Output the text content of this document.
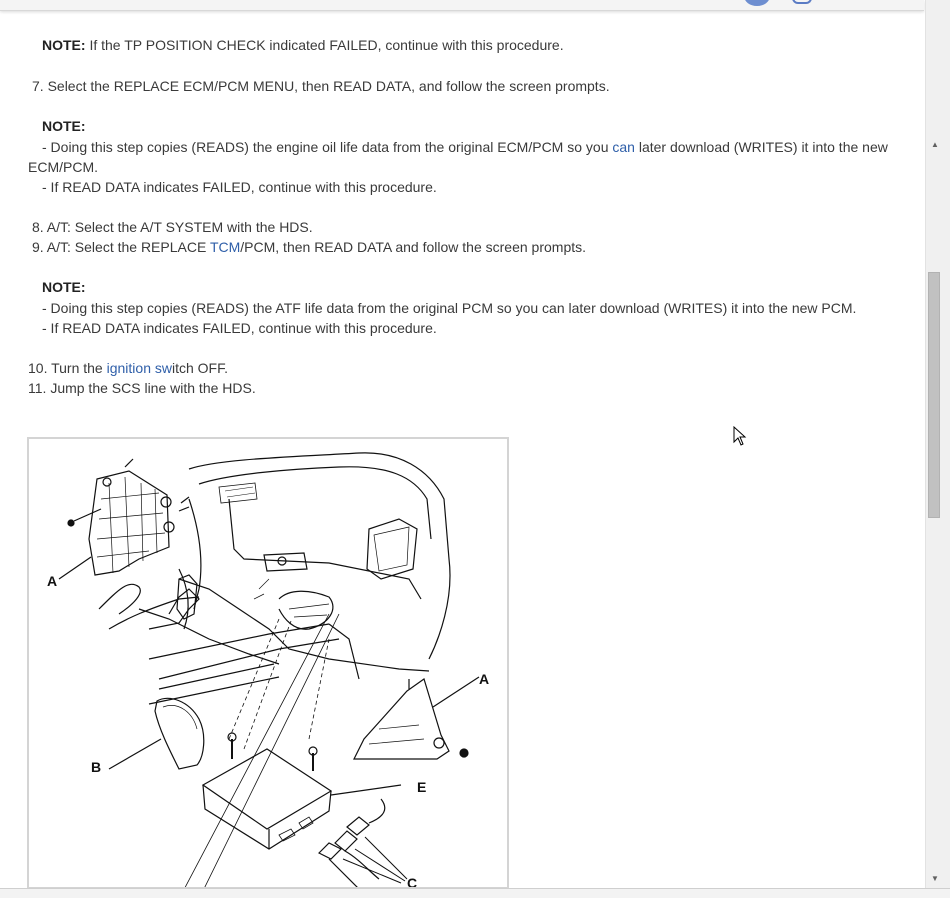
NOTE: If the TP POSITION CHECK indicated FAILED, continue with this procedure.
7. Select the REPLACE ECM/PCM MENU, then READ DATA, and follow the screen prompts.
NOTE:
- Doing this step copies (READS) the engine oil life data from the original ECM/PCM so you can later download (WRITES) it into the new
ECM/PCM.
- If READ DATA indicates FAILED, continue with this procedure.
8. A/T: Select the A/T SYSTEM with the HDS.
9. A/T: Select the REPLACE TCM/PCM, then READ DATA and follow the screen prompts.
NOTE:
- Doing this step copies (READS) the ATF life data from the original PCM so you can later download (WRITES) it into the new PCM.
- If READ DATA indicates FAILED, continue with this procedure.
10. Turn the ignition switch OFF.
11. Jump the SCS line with the HDS.
A
A
B
E
C
▲
▼
